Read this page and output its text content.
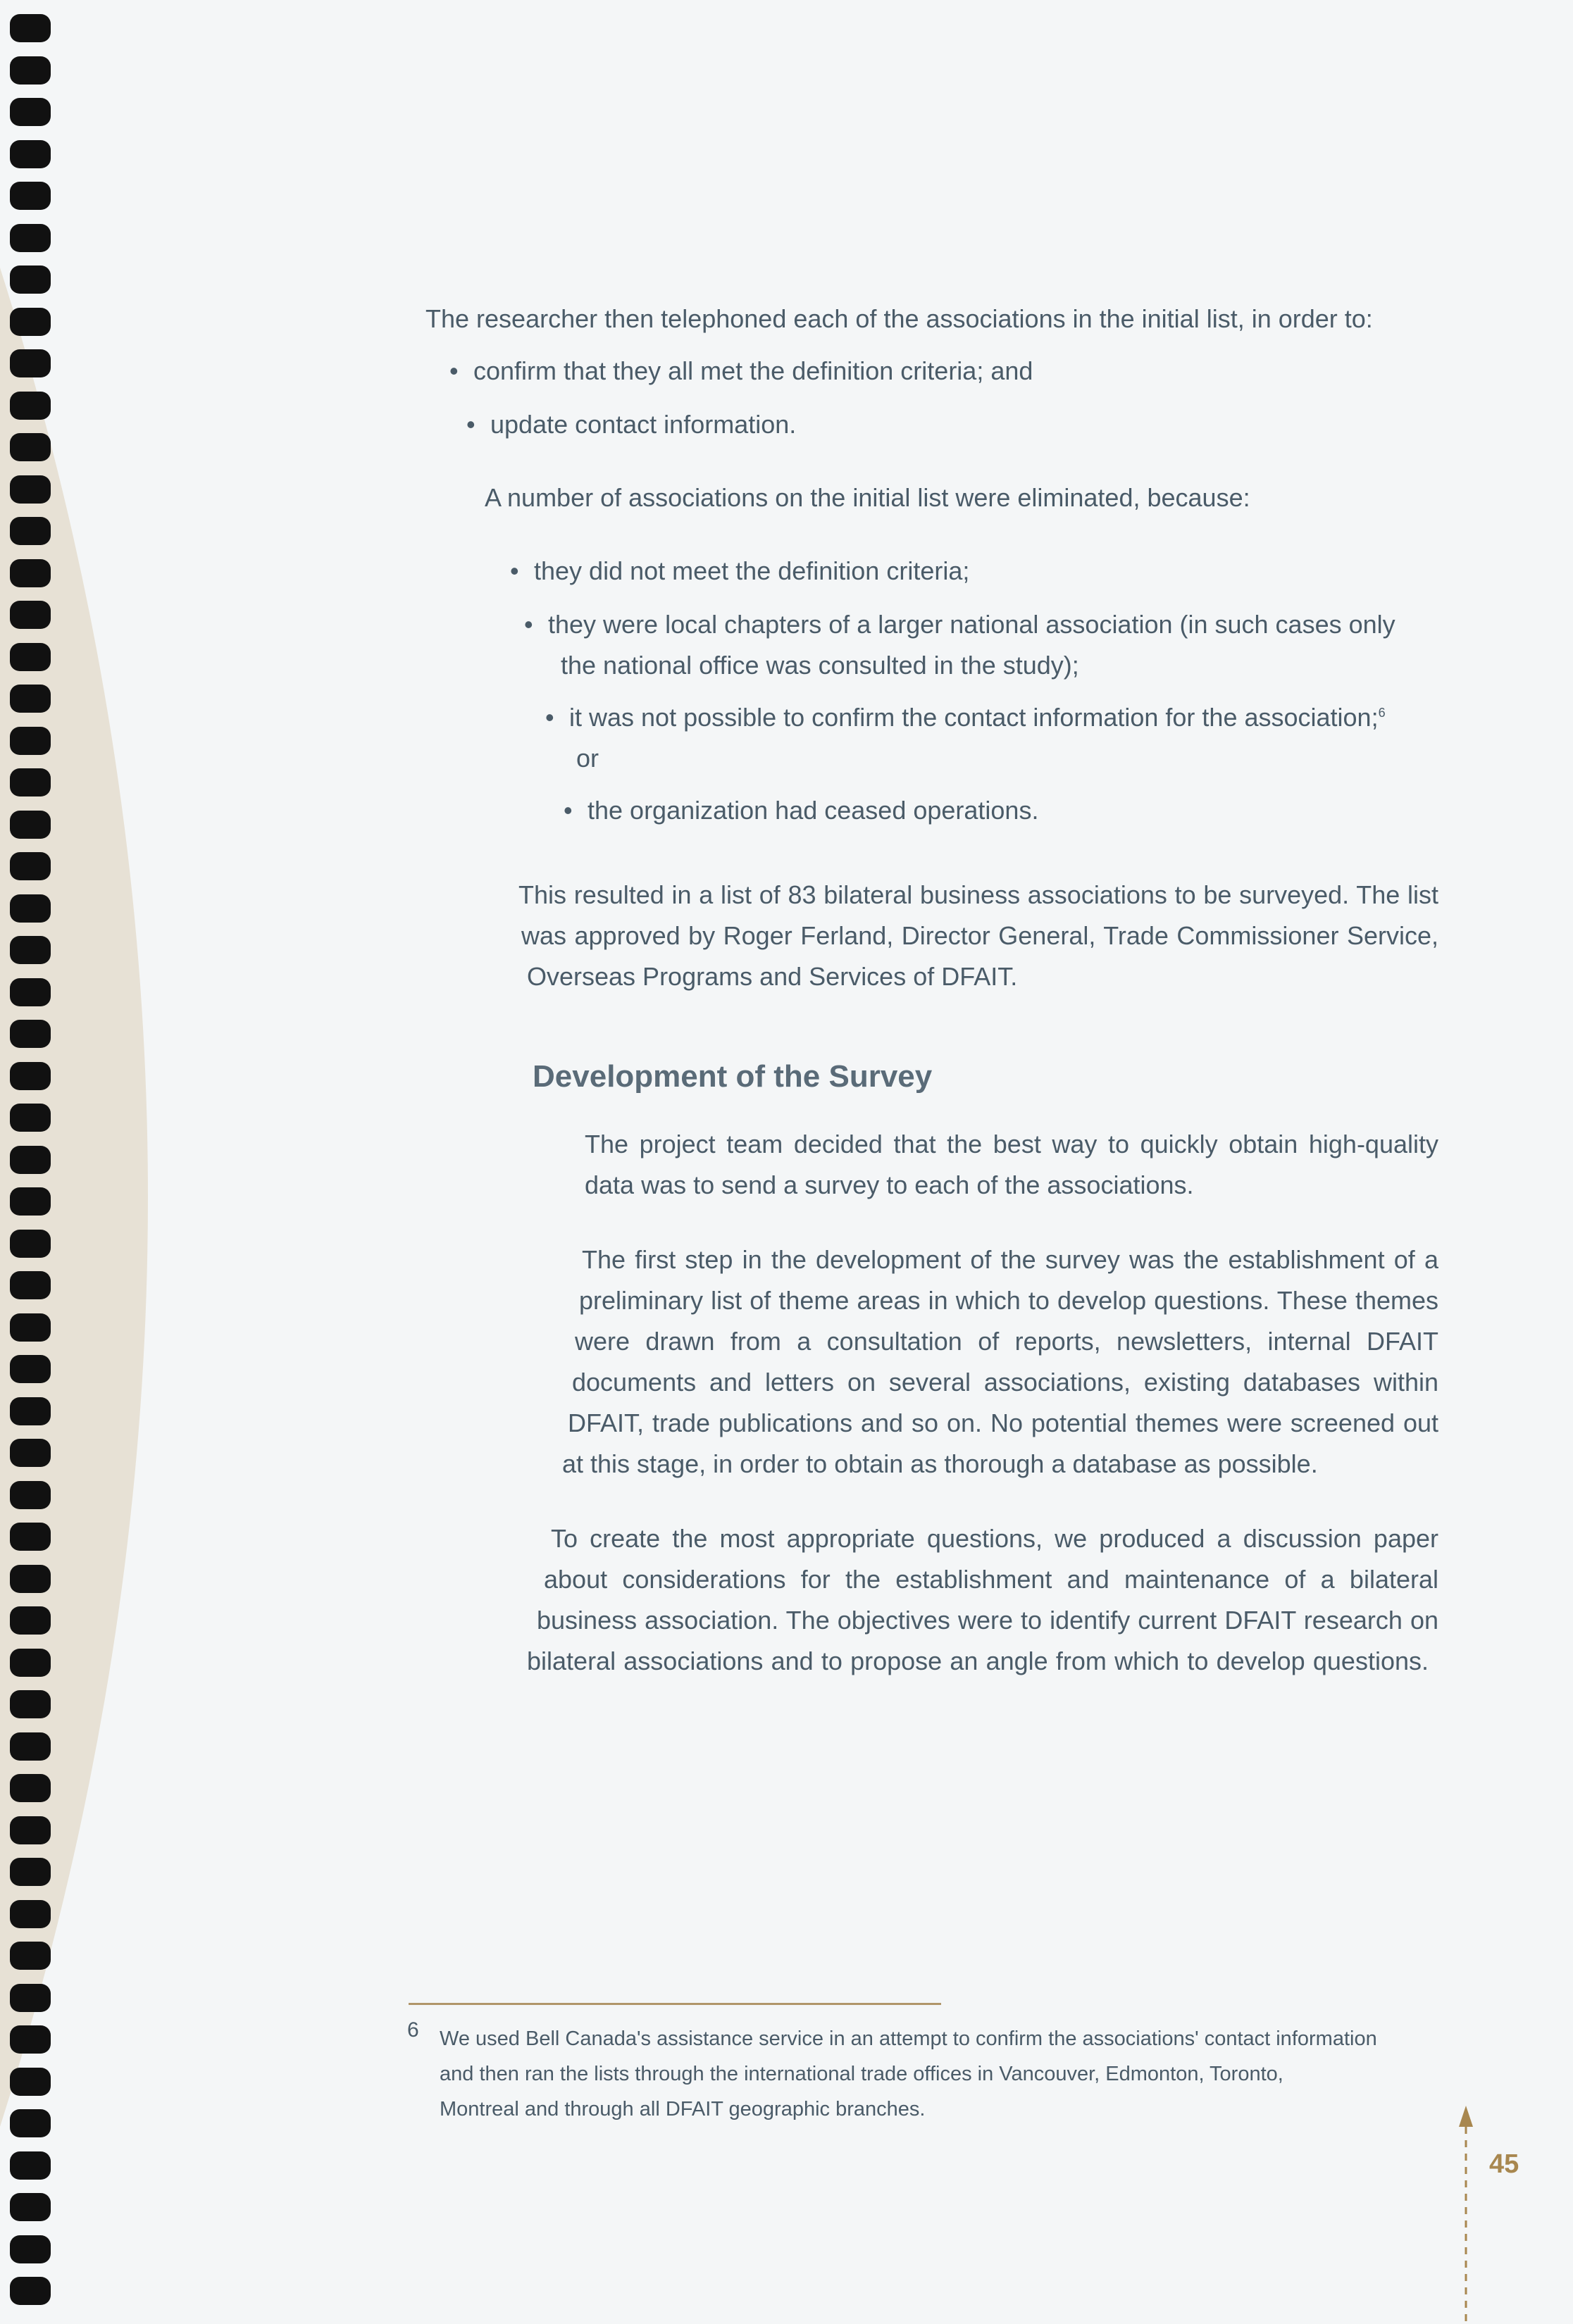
The researcher then telephoned each of the associations in the initial list, in order to:
• confirm that they all met the definition criteria; and
• update contact information.
A number of associations on the initial list were eliminated, because:
• they did not meet the definition criteria;
• they were local chapters of a larger national association (in such cases only
the national office was consulted in the study);
• it was not possible to confirm the contact information for the association;$^6$
or
• the organization had ceased operations.
This resulted in a list of 83 bilateral business associations to be surveyed. The list
was approved by Roger Ferland, Director General, Trade Commissioner Service,
Overseas Programs and Services of DFAIT.
Development of the Survey
The project team decided that the best way to quickly obtain high-quality
data was to send a survey to each of the associations.
The first step in the development of the survey was the establishment of a
preliminary list of theme areas in which to develop questions. These themes
were drawn from a consultation of reports, newsletters, internal DFAIT
documents and letters on several associations, existing databases within
DFAIT, trade publications and so on. No potential themes were screened out
at this stage, in order to obtain as thorough a database as possible.
To create the most appropriate questions, we produced a discussion paper
about considerations for the establishment and maintenance of a bilateral
business association. The objectives were to identify current DFAIT research on
bilateral associations and to propose an angle from which to develop questions.
6 We used Bell Canada's assistance service in an attempt to confirm the associations' contact information
and then ran the lists through the international trade offices in Vancouver, Edmonton, Toronto,
Montreal and through all DFAIT geographic branches.
45
